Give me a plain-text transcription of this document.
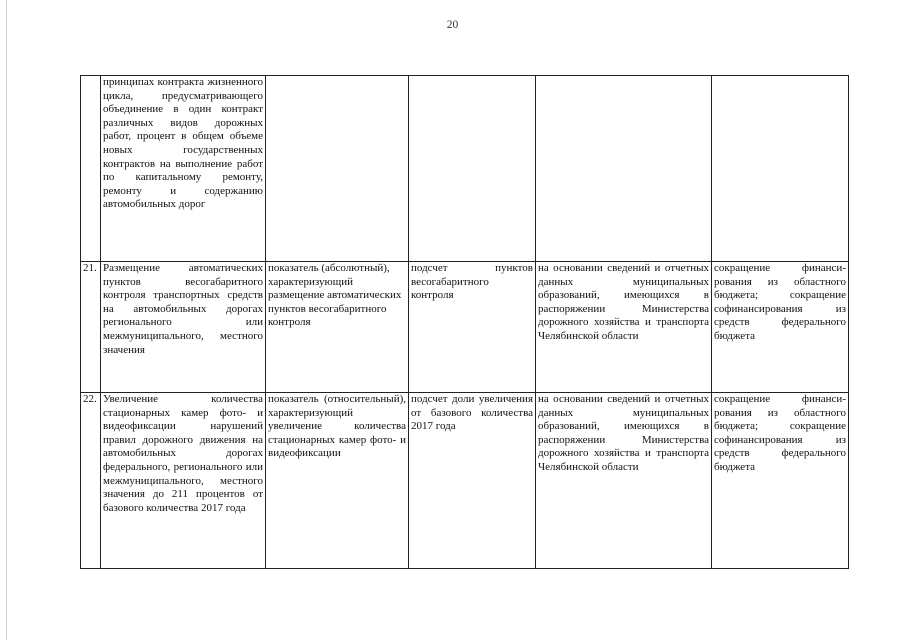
20
	принципах контракта жизненного цикла, предусматривающего объединение в один контракт различных видов дорожных работ, процент в общем объеме новых государственных контрактов на выполнение работ по капитальному ремонту, ремонту и содержанию автомобильных дорог				
21.	Размещение автоматических пунктов весогабаритного контроля транспортных средств на автомобильных дорогах регионального или межмуниципального, местного значения	показатель (абсолютный), характеризующий размещение автоматических пунктов весогабаритного контроля	подсчет пунктов весогабаритного контроля	на основании сведений и отчетных данных муниципальных образований, имеющихся в распоряжении Министерства дорожного хозяйства и транспорта Челябинской области	сокращение финанси-рования из областного бюджета; сокращение софинансирования из средств федерального бюджета
22.	Увеличение количества стационарных камер фото- и видеофиксации нарушений правил дорожного движения на автомобильных дорогах федерального, регионального или межмуниципального, местного значения до 211 процентов от базового количества 2017 года	показатель (относительный), характеризующий увеличение количества стационарных камер фото- и видеофиксации	подсчет доли увеличения от базового количества 2017 года	на основании сведений и отчетных данных муниципальных образований, имеющихся в распоряжении Министерства дорожного хозяйства и транспорта Челябинской области	сокращение финанси-рования из областного бюджета; сокращение софинансирования из средств федерального бюджета
